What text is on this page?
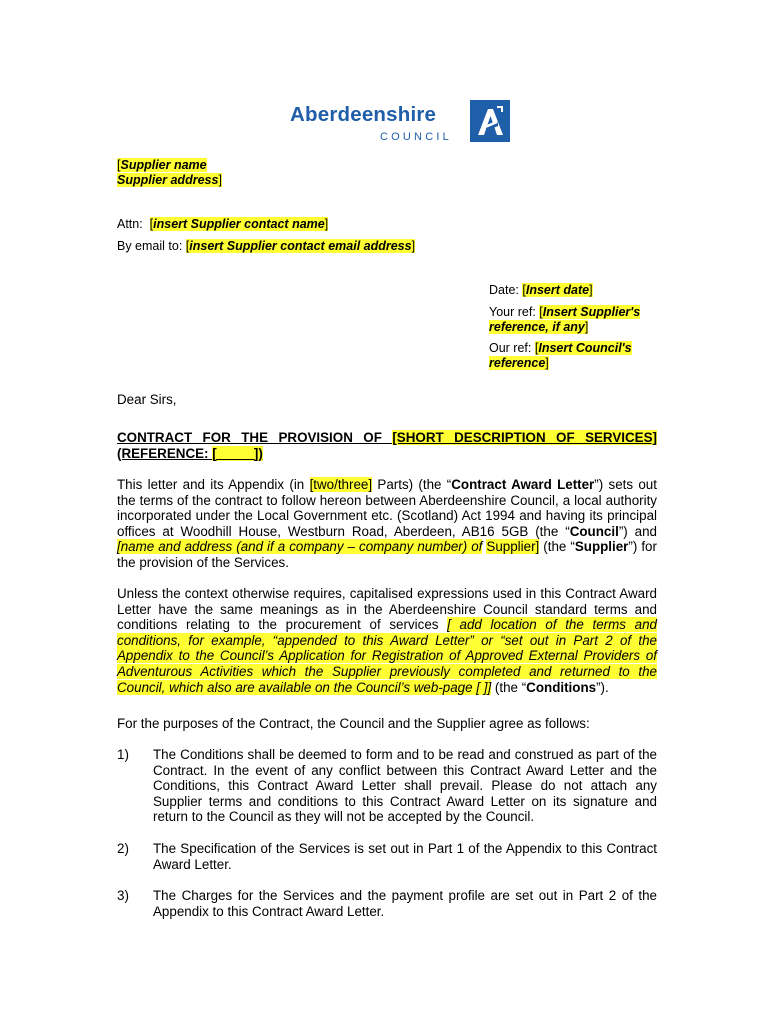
Aberdeenshire
COUNCIL
[Supplier name
Supplier address]
Attn: [insert Supplier contact name]
By email to: [insert Supplier contact email address]
Date: [Insert date]
Your ref: [Insert Supplier's
reference, if any]
Our ref: [Insert Council's
reference]
Dear Sirs,
CONTRACT FOR THE PROVISION OF [SHORT DESCRIPTION OF SERVICES]
(REFERENCE: [          ])
This letter and its Appendix (in [two/three] Parts) (the “Contract Award Letter”) sets out the terms of the contract to follow hereon between Aberdeenshire Council, a local authority incorporated under the Local Government etc. (Scotland) Act 1994 and having its principal offices at Woodhill House, Westburn Road, Aberdeen, AB16 5GB (the “Council”) and [name and address (and if a company – company number) of Supplier] (the “Supplier”) for the provision of the Services.
Unless the context otherwise requires, capitalised expressions used in this Contract Award Letter have the same meanings as in the Aberdeenshire Council standard terms and conditions relating to the procurement of services [ add location of the terms and conditions, for example, “appended to this Award Letter” or “set out in Part 2 of the Appendix to the Council’s Application for Registration of Approved External Providers of Adventurous Activities which the Supplier previously completed and returned to the Council, which also are available on the Council’s web-page [ ]] (the “Conditions”).
For the purposes of the Contract, the Council and the Supplier agree as follows:
1)	The Conditions shall be deemed to form and to be read and construed as part of the Contract. In the event of any conflict between this Contract Award Letter and the Conditions, this Contract Award Letter shall prevail. Please do not attach any Supplier terms and conditions to this Contract Award Letter on its signature and return to the Council as they will not be accepted by the Council.
2)	The Specification of the Services is set out in Part 1 of the Appendix to this Contract Award Letter.
3)	The Charges for the Services and the payment profile are set out in Part 2 of the Appendix to this Contract Award Letter.
